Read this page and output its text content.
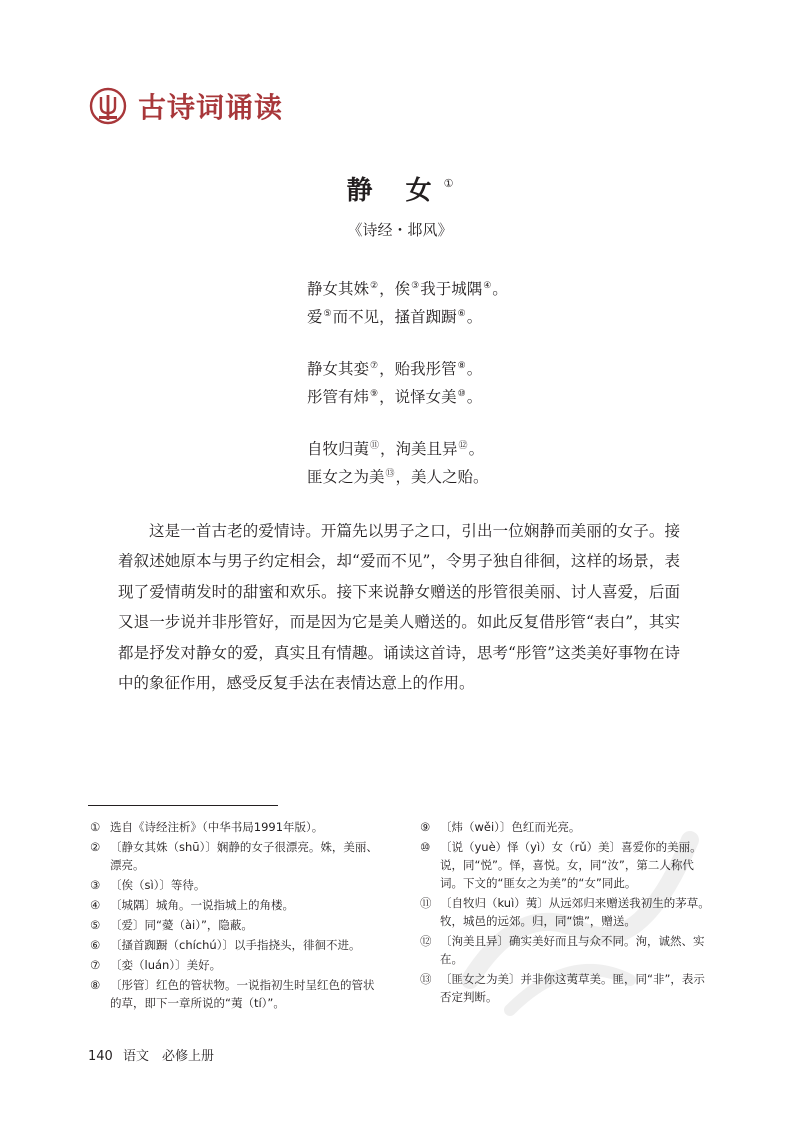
古诗词诵读
静 女①
《诗经・邶风》
静女其姝②，俟③我于城隅④。
爱⑤而不见，搔首踟蹰⑥。
静女其娈⑦，贻我彤管⑧。
彤管有炜⑨，说怿女美⑩。
自牧归荑⑪，洵美且异⑫。
匪女之为美⑬，美人之贻。

这是一首古老的爱情诗。开篇先以男子之口，引出一位娴静而美丽的女子。接着叙述她原本与男子约定相会，却“爱而不见”，令男子独自徘徊，这样的场景，表现了爱情萌发时的甜蜜和欢乐。接下来说静女赠送的彤管很美丽、讨人喜爱，后面又退一步说并非彤管好，而是因为它是美人赠送的。如此反复借彤管“表白”，其实都是抒发对静女的爱，真实且有情趣。诵读这首诗，思考“彤管”这类美好事物在诗中的象征作用，感受反复手法在表情达意上的作用。

① 选自《诗经注析》（中华书局1991年版）。
② 〔静女其姝（shū）〕娴静的女子很漂亮。姝，美丽、漂亮。
③ 〔俟（sì）〕等待。
④ 〔城隅〕城角。一说指城上的角楼。
⑤ 〔爱〕同“薆（ài）”，隐蔽。
⑥ 〔搔首踟蹰（chíchú）〕以手指挠头，徘徊不进。
⑦ 〔娈（luán）〕美好。
⑧ 〔彤管〕红色的管状物。一说指初生时呈红色的管状的草，即下一章所说的“荑（tí）”。
⑨ 〔炜（wěi）〕色红而光亮。
⑩ 〔说（yuè）怿（yì）女（rǔ）美〕喜爱你的美丽。说，同“悦”。怿，喜悦。女，同“汝”，第二人称代词。下文的“匪女之为美”的“女”同此。
⑪ 〔自牧归（kuì）荑〕从远郊归来赠送我初生的茅草。牧，城邑的远郊。归，同“馈”，赠送。
⑫ 〔洵美且异〕确实美好而且与众不同。洵，诚然、实在。
⑬ 〔匪女之为美〕并非你这荑草美。匪，同“非”，表示否定判断。
140 语文　必修上册
